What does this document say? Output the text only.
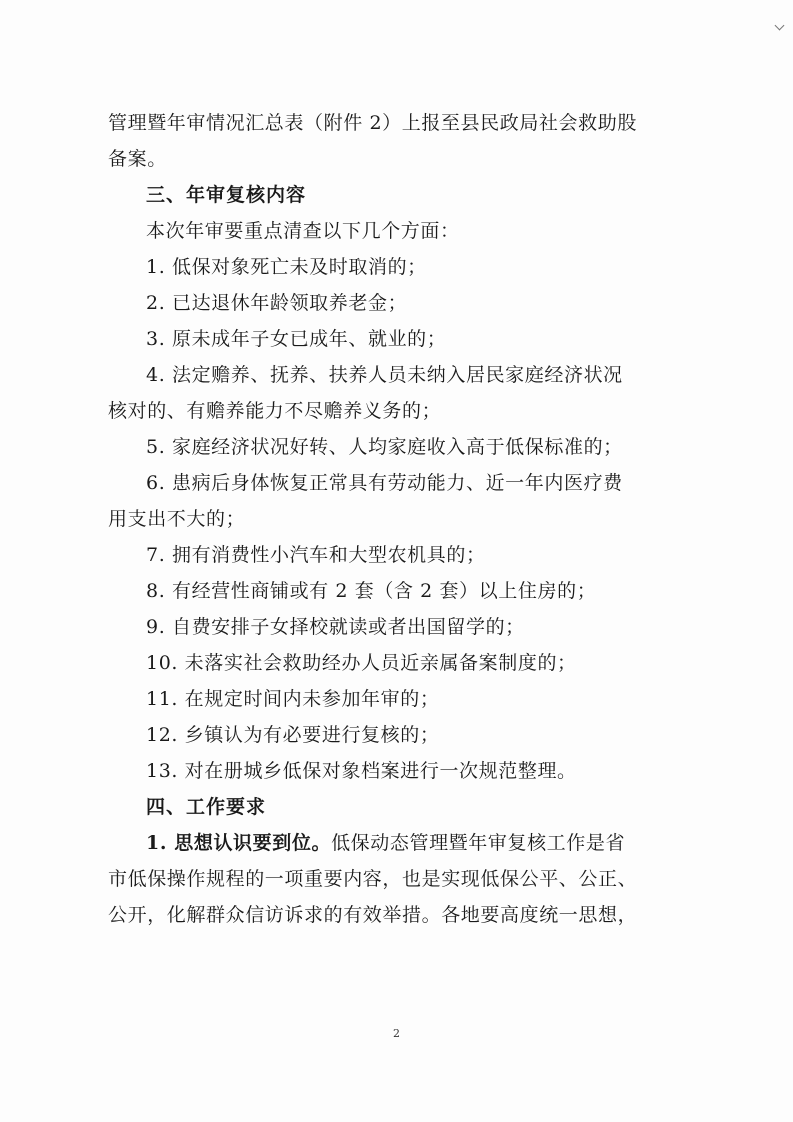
管理暨年审情况汇总表（附件 2）上报至县民政局社会救助股
备案。
三、年审复核内容
本次年审要重点清查以下几个方面：
1. 低保对象死亡未及时取消的；
2. 已达退休年龄领取养老金；
3. 原未成年子女已成年、就业的；
4. 法定赡养、抚养、扶养人员未纳入居民家庭经济状况
核对的、有赡养能力不尽赡养义务的；
5. 家庭经济状况好转、人均家庭收入高于低保标准的；
6. 患病后身体恢复正常具有劳动能力、近一年内医疗费
用支出不大的；
7. 拥有消费性小汽车和大型农机具的；
8. 有经营性商铺或有 2 套（含 2 套）以上住房的；
9. 自费安排子女择校就读或者出国留学的；
10. 未落实社会救助经办人员近亲属备案制度的；
11. 在规定时间内未参加年审的；
12. 乡镇认为有必要进行复核的；
13. 对在册城乡低保对象档案进行一次规范整理。
四、工作要求
1. 思想认识要到位。低保动态管理暨年审复核工作是省
市低保操作规程的一项重要内容，也是实现低保公平、公正、
公开，化解群众信访诉求的有效举措。各地要高度统一思想，
2
